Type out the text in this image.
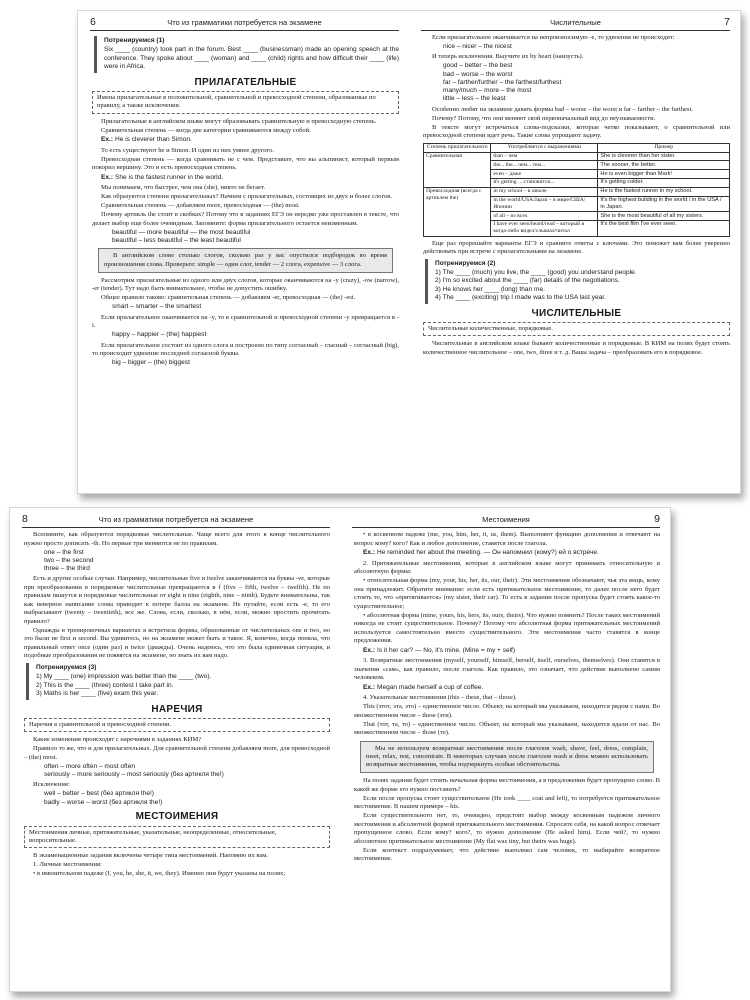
6	Что из грамматики потребуется на экзамене
Потренируемся (1)
Six ____ (country) took part in the forum. Best ____ (businessman) made an opening speech at the conference. They spoke about ____ (woman) and ____ (child) rights and how difficult their ____ (life) were in Africa.
ПРИЛАГАТЕЛЬНЫЕ
Имена прилагательные в положительной, сравнительной и превосходной степени, образованные по правилу, а также исключения.

Прилагательные в английском языке могут образовывать сравнительную и превосходную степень.

Сравнительная степень — когда две категории сравниваются между собой.

Ex.: He is cleverer than Simon.

То есть существуют he и Simon. И один из них умнее другого.

Превосходная степень — когда сравнивать не с чем. Представьте, что вы альпинист, который первым покорил вершину. Это и есть превосходная степень.

Ex.: She is the fastest runner in the world.

Мы понимаем, что быстрее, чем она (she), никто не бегает.

Как образуются степени прилагательных? Начнем с прилагательных, состоящих из двух и более слогов.

Сравнительная степень — добавляем more, превосходная — (the) most.

Почему артикль the стоит в скобках? Потому что в заданиях ЕГЭ он нередко уже проставлен в тексте, что делает выбор еще более очевидным. Запомните: форма прилагательного остается неизменным.

beautiful — more beautiful — the most beautiful
beautiful – less beautiful – the least beautiful
В английском слове столько слогов, сколько раз у вас опустился подбородок во время произношения слова. Проверьте: simple — один слог, tender — 2 слога, expensive — 3 слога.

Рассмотрим прилагательные из одного или двух слогов, которые оканчиваются на -y (crazy), -ow (narrow), -er (tender). Тут надо быть внимательнее, чтобы не допустить ошибку.

Общее правило таково: сравнительная степень — добавляем -er, превосходная — (the) -est.

smart – smarter – the smartest

Если прилагательное оканчивается на -y, то в сравнительной и превосходной степени -y превращается в -i.

happy – happier – (the) happiest

Если прилагательное состоит из одного слога и построено по типу согласный – гласный – согласный (big), то происходит удвоение последней согласной буквы.

big – bigger – (the) biggest
7
Числительные

Если прилагательное оканчивается на непроизносимую -e, то удвоения не происходит:

nice – nicer – the nicest

И теперь исключения. Выучите их by heart (наизусть).

good – better – the best
bad – worse – the worst
far – farther/further – the farthest/furthest
many/much – more – the most
little – less – the least

Особенно любят на экзамене давать формы bad – worse – the worst и far – farther – the furthest.

Почему? Потому, что они меняют свой первоначальный вид до неузнаваемости.

В тексте могут встречаться слова-подсказки, которые четко показывают, о сравнительной или превосходной степени идет речь. Такие слова упрощают задачу.

Степень прилагательного	Употребляется с выражениями	Пример
Сравнительная	than – чем	She is cleverer than her sister.
	the... the... чем... тем...	The sooner, the better.
	even – даже	He is even bigger than Mark!
	it's getting ... становится...	It's getting colder.
Превосходная (всегда с артиклем the)	in my school – в школе	He is the fastest runner in my school.
	in the world/USA/Japan – в мире/США/Японии	It's the highest building in the world / in the USA / in Japan.
	of all – из всех	She is the most beautiful of all my sisters.
	I have ever seen/heard/read – который я когда-либо видел/слышал/читал	It's the best film I've ever seen.

Еще раз прорешайте варианты ЕГЭ и сравните ответы с ключами. Это поможет вам более уверенно действовать при встрече с прилагательными на экзамене.

Потренируемся (2)
1) The ____ (much) you live, the ____ (good) you understand people.
2) I'm so excited about the ____ (far) details of the negotiations.
3) He knows her ____ (long) than me.
4) The ____ (exciting) trip I made was to the USA last year.
ЧИСЛИТЕЛЬНЫЕ
Числительные количественные, порядковые.

Числительные в английском языке бывают количественные и порядковые. В КИМ на полях будет стоять количественное числительное – one, two, three и т. д. Ваша задача – преобразовать его в порядковое.

8	Что из грамматики потребуется на экзамене

Вспомните, как образуются порядковые числительные. Чаще всего для этого в конце числительного нужно просто дописать -th. Но первые три меняются не по правилам.

one – the first
two – the second
three – the third

Есть и другие особые случаи. Например, числительные five и twelve заканчиваются на буквы -ve, которые при преобразовании в порядковые числительные превращаются в f (five – fifth, twelve – twelfth). Не по правилам пишутся и порядковые числительные от eight и nine (eighth, nine – ninth). Будьте внимательны, так как неверное написание слова приводит к потере балла на экзамене. Не путайте, если есть -e, то его выбрасывают (twenty – twentieth), все же. Слова, если, сколько, в нём, если, можно простить прочитать правило?

Однажды в тренировочных вариантах я встретила формы, образованные от числительных one и two, но это были не first и second. Вы удивитесь, но на экзамене может быть и такое. Я, конечно, когда поняла, что правильный ответ once (один раз) и twice (дважды). Очень надеюсь, что это была единичная ситуация, и подобные преобразования не появятся на экзамене, но знать их вам надо.

Потренируемся (3)
1) My ____ (one) impression was better than the ____ (two).
2) This is the ____ (three) contest I take part in.
3) Maths is her ____ (five) exam this year.
НАРЕЧИЯ
Наречия в сравнительной и превосходной степени.

Какие изменения происходят с наречиями в заданиях КИМ?

Правило то же, что и для прилагательных. Для сравнительной степени добавляем more, для превосходной – (the) most.

often – more often – most often
seriously – more seriously – most seriously (без артикля the!)

Исключения:

well – better – best (без артикля the!)
badly – worse – worst (без артикля the!)
МЕСТОИМЕНИЯ
Местоимения личные, притяжательные, указательные, неопределенные, относительные, вопросительные.

В экзаменационные задания включены четыре типа местоимений. Напомню их вам.

1. Личные местоимения:

• в именительном падеже (I, you, he, she, it, we, they). Именно они будут указаны на полях;

9
Местоимения

• в косвенном падеже (me, you, him, her, it, us, them). Выполняют функцию дополнения и отвечают на вопрос кому? кого? Как и любое дополнение, ставятся после глагола.

Ex.: He reminded her about the meeting. — Он напомнил (кому?) ей о встрече.

2. Притяжательные местоимения, которые в английском языке могут принимать относительную и абсолютную формы:

• относительная форма (my, your, his, her, its, our, their). Эти местоимения обозначают, чья эта вещь, кому она принадлежит. Обратите внимание: если есть притяжательное местоимение, то далее после него будет стоять то, что «притягивается» (my sister, their car). То есть в задании после пропуска будет стоять какое-то существительное;

• абсолютная форма (mine, yours, his, hers, its, ours, theirs). Что нужно помнить? После таких местоимений никогда не стоит существительное. Почему? Потому что абсолютная форма притяжательных местоимений используется самостоятельно вместо существительного. Эти местоимения часто ставятся в конце предложения.

Ex.: Is it her car? — No, it's mine. (Mine = my + self)

3. Возвратные местоимения (myself, yourself, himself, herself, itself, ourselves, themselves). Они ставятся в значении «сам», как правило, после глагола. Как правило, это означает, что действие выполнено самим человеком.

Ex.: Megan made herself a cup of coffee.

4. Указательные местоимения (this – these, that – those).

This (этот, эта, это) – единственное число. Объект, на который мы указываем, находится рядом с нами. Во множественном числе – these (эти).

That (тот, та, то) – единственное число. Объект, на который мы указываем, находится вдали от нас. Во множественном числе – those (те).

Мы не используем возвратные местоимения после глаголов wash, shave, feel, dress, complain, meet, relax, rest, concentrate. В некоторых случаях после глаголов wash и dress можно использовать возвратные местоимения, чтобы подчеркнуть особые обстоятельства.

На полях задания будет стоять начальная форма местоимения, а в предложении будет пропущено слово. В какой же форме его нужно поставить?

Если после пропуска стоит существительное (He took ____ coat and left), то потребуется притяжательное местоимение. В нашем примере – his.

Если существительного нет, то, очевидно, предстоит выбор между косвенным падежом личного местоимения и абсолютной формой притяжательного местоимения. Спросите себя, на какой вопрос отвечает пропущенное слово. Если кому? кого?, то нужно дополнение (He asked him). Если чей?, то нужно абсолютное притяжательное местоимение (My flat was tiny, but theirs was huge).

Если контекст подразумевает, что действие выполнял сам человек, то выбирайте возвратное местоимение.
